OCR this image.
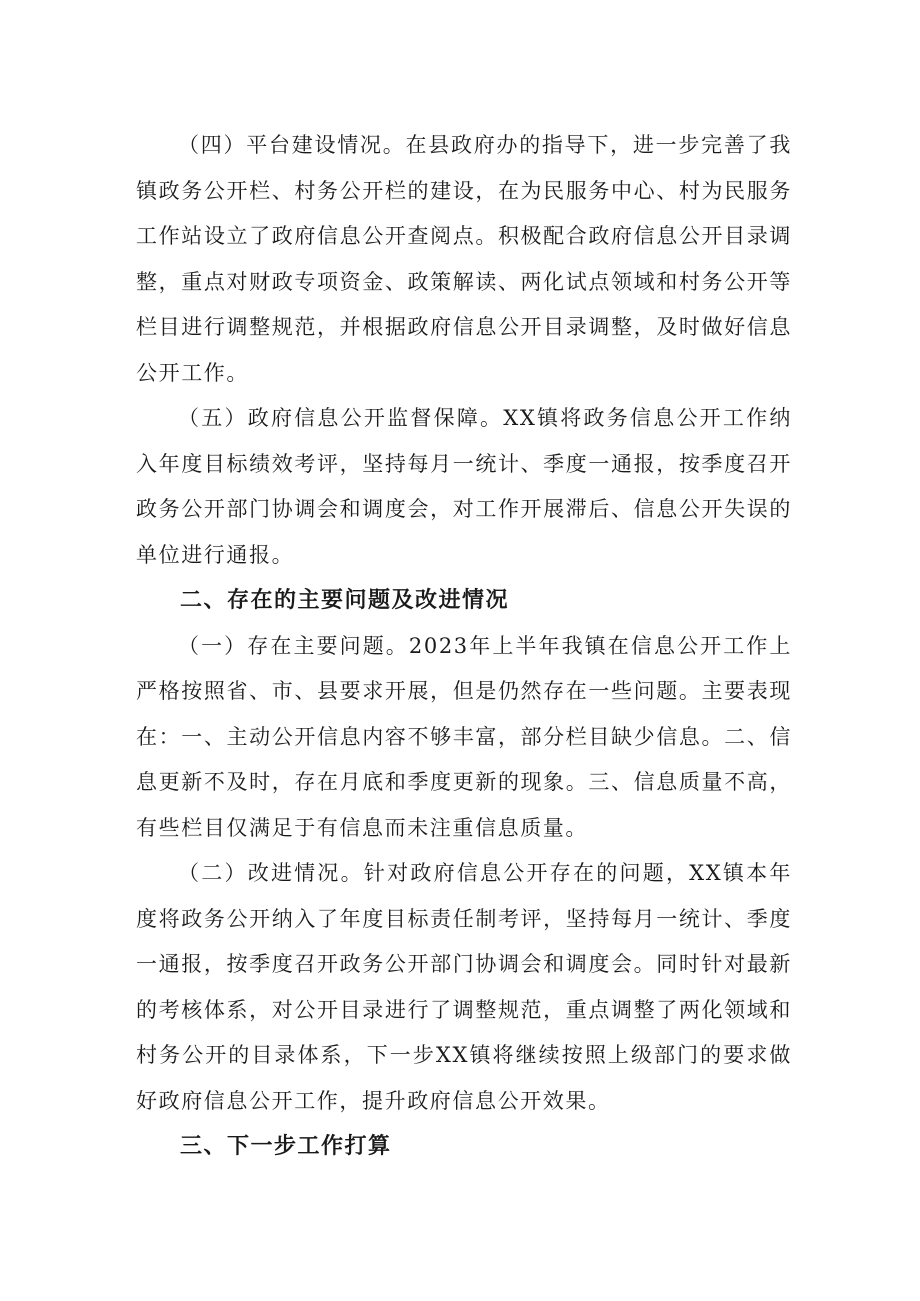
（四）平台建设情况。在县政府办的指导下，进一步完善了我镇政务公开栏、村务公开栏的建设，在为民服务中心、村为民服务工作站设立了政府信息公开查阅点。积极配合政府信息公开目录调整，重点对财政专项资金、政策解读、两化试点领域和村务公开等栏目进行调整规范，并根据政府信息公开目录调整，及时做好信息公开工作。

（五）政府信息公开监督保障。XX镇将政务信息公开工作纳入年度目标绩效考评，坚持每月一统计、季度一通报，按季度召开政务公开部门协调会和调度会，对工作开展滞后、信息公开失误的单位进行通报。

二、存在的主要问题及改进情况

（一）存在主要问题。2023年上半年我镇在信息公开工作上严格按照省、市、县要求开展，但是仍然存在一些问题。主要表现在：一、主动公开信息内容不够丰富，部分栏目缺少信息。二、信息更新不及时，存在月底和季度更新的现象。三、信息质量不高，有些栏目仅满足于有信息而未注重信息质量。

（二）改进情况。针对政府信息公开存在的问题，XX镇本年度将政务公开纳入了年度目标责任制考评，坚持每月一统计、季度一通报，按季度召开政务公开部门协调会和调度会。同时针对最新的考核体系，对公开目录进行了调整规范，重点调整了两化领域和村务公开的目录体系，下一步XX镇将继续按照上级部门的要求做好政府信息公开工作，提升政府信息公开效果。

三、下一步工作打算
